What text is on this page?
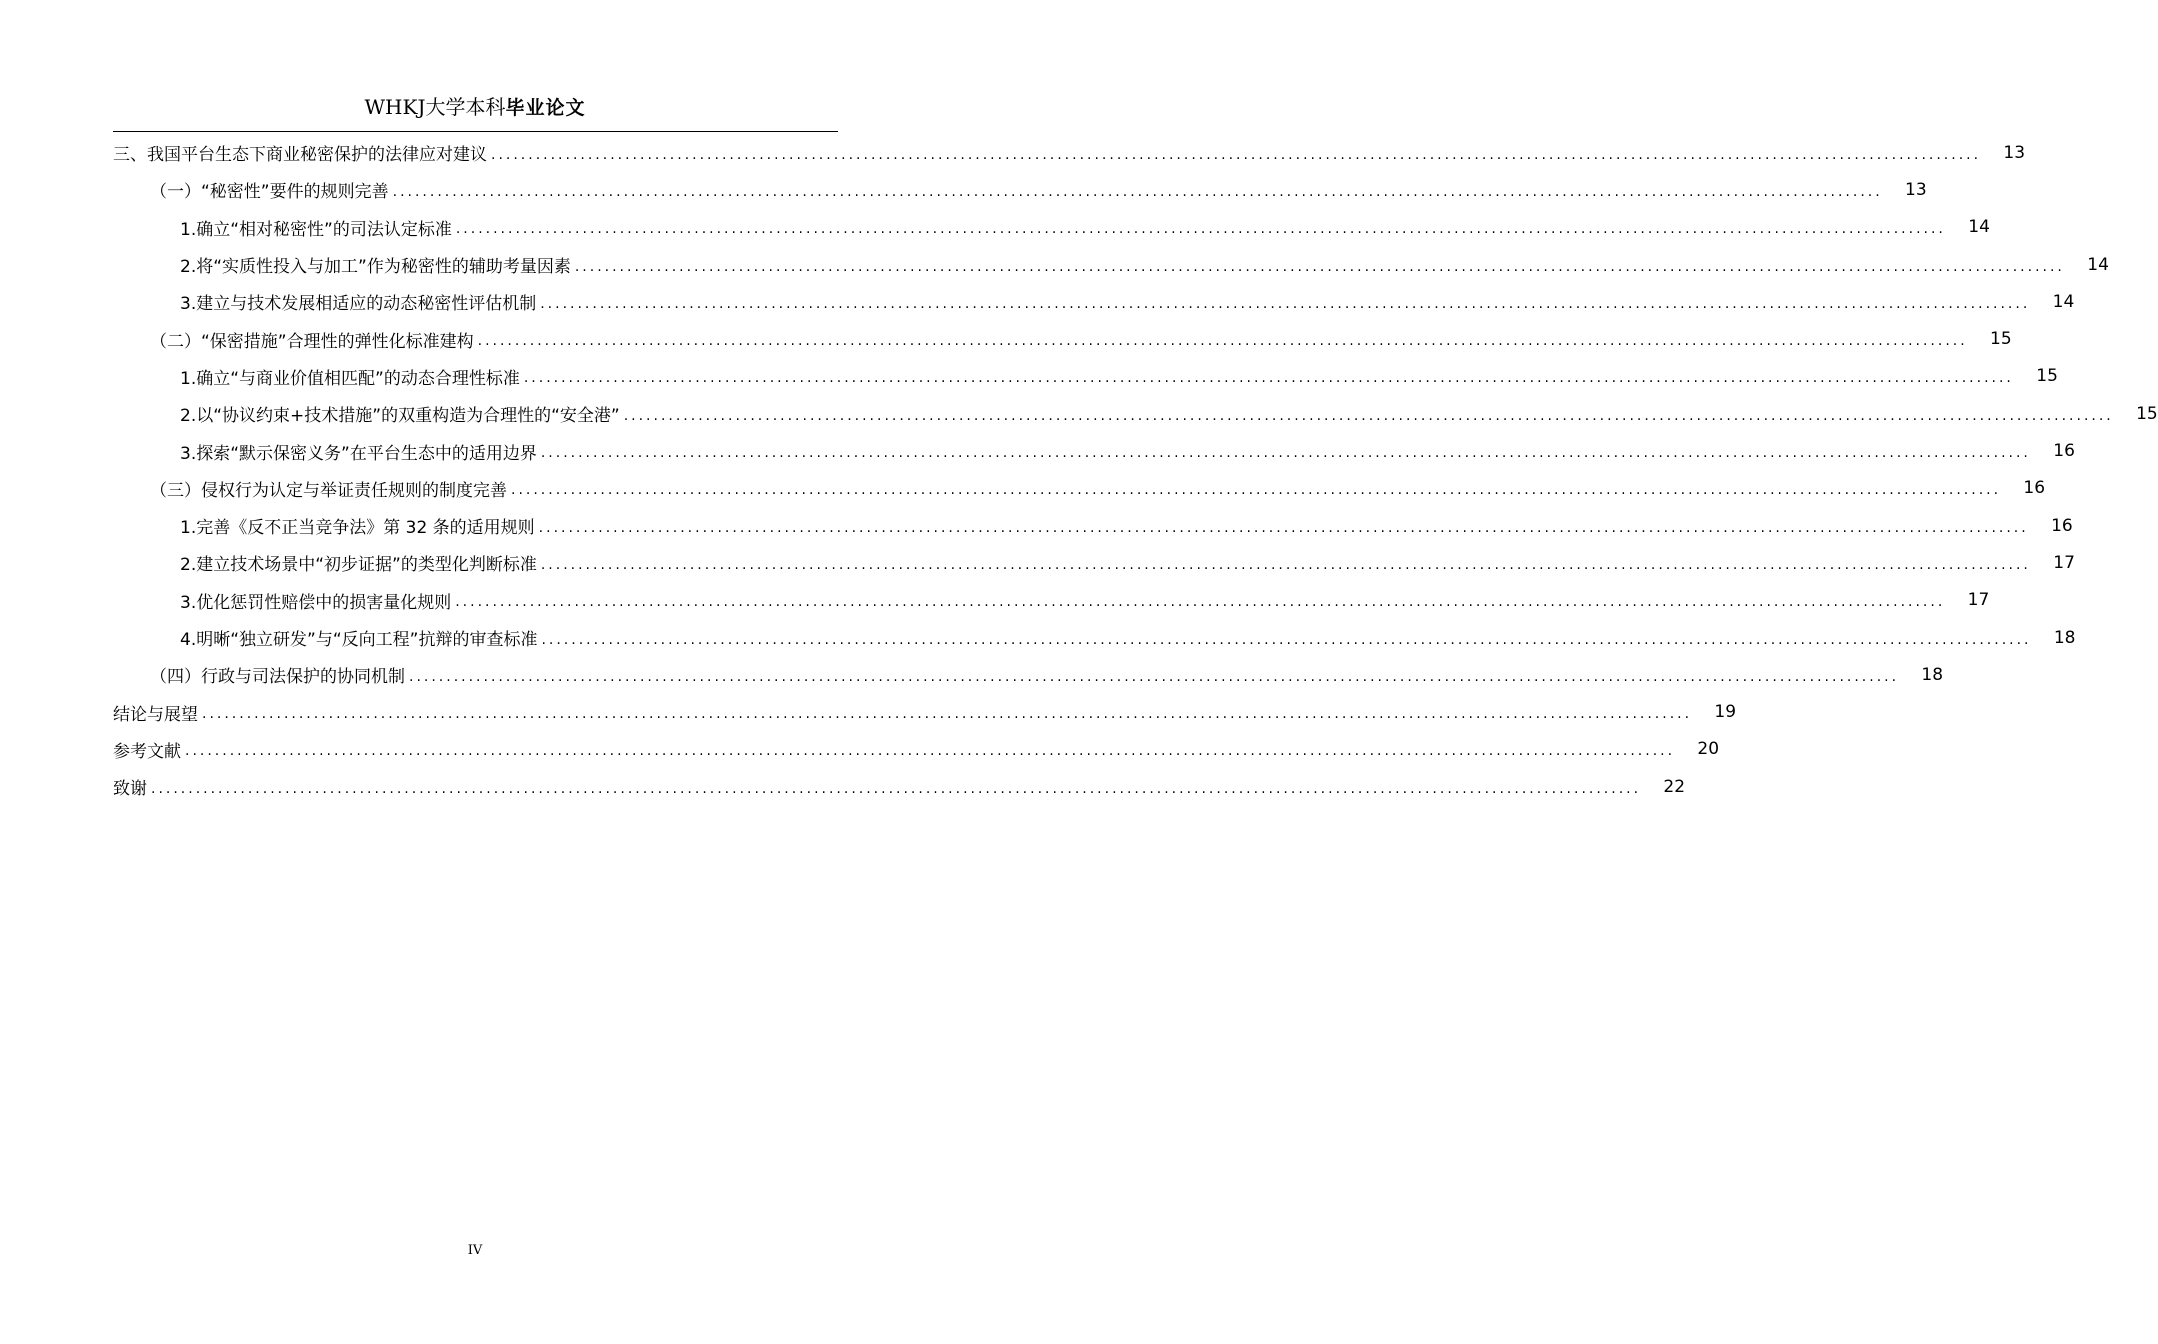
WHKJ大学本科毕业论文
三、我国平台生态下商业秘密保护的法律应对建议 ........................................................................................................................................................................................................	13
（一）“秘密性”要件的规则完善 ........................................................................................................................................................................................................	13
1.确立“相对秘密性”的司法认定标准 ........................................................................................................................................................................................................	14
2.将“实质性投入与加工”作为秘密性的辅助考量因素 ........................................................................................................................................................................................................	14
3.建立与技术发展相适应的动态秘密性评估机制 ........................................................................................................................................................................................................	14
（二）“保密措施”合理性的弹性化标准建构 ........................................................................................................................................................................................................	15
1.确立“与商业价值相匹配”的动态合理性标准 ........................................................................................................................................................................................................	15
2.以“协议约束+技术措施”的双重构造为合理性的“安全港” ........................................................................................................................................................................................................	15
3.探索“默示保密义务”在平台生态中的适用边界 ........................................................................................................................................................................................................	16
（三）侵权行为认定与举证责任规则的制度完善 ........................................................................................................................................................................................................	16
1.完善《反不正当竞争法》第 32 条的适用规则 ........................................................................................................................................................................................................	16
2.建立技术场景中“初步证据”的类型化判断标准 ........................................................................................................................................................................................................	17
3.优化惩罚性赔偿中的损害量化规则 ........................................................................................................................................................................................................	17
4.明晰“独立研发”与“反向工程”抗辩的审查标准 ........................................................................................................................................................................................................	18
（四）行政与司法保护的协同机制 ........................................................................................................................................................................................................	18
结论与展望 ........................................................................................................................................................................................................	19
参考文献 ........................................................................................................................................................................................................	20
致谢 ........................................................................................................................................................................................................	22
IV
